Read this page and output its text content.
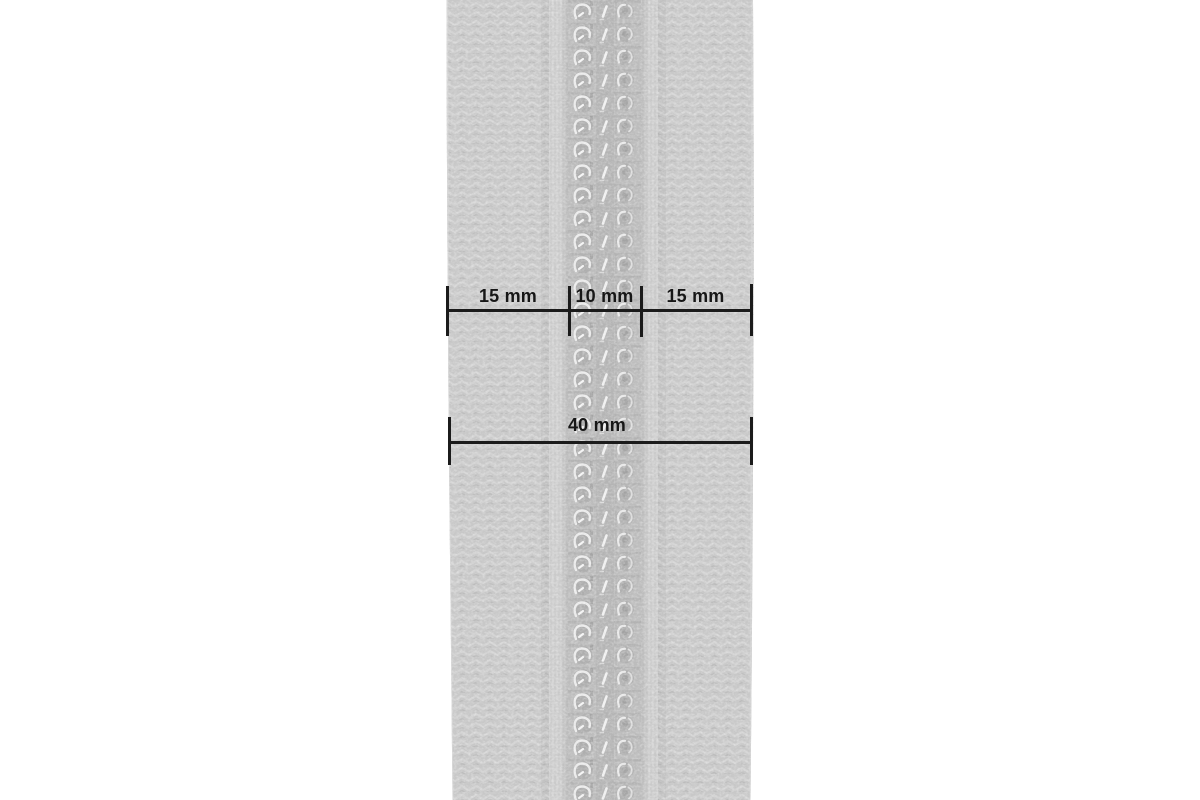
15 mm	10 mm	15 mm
40 mm
